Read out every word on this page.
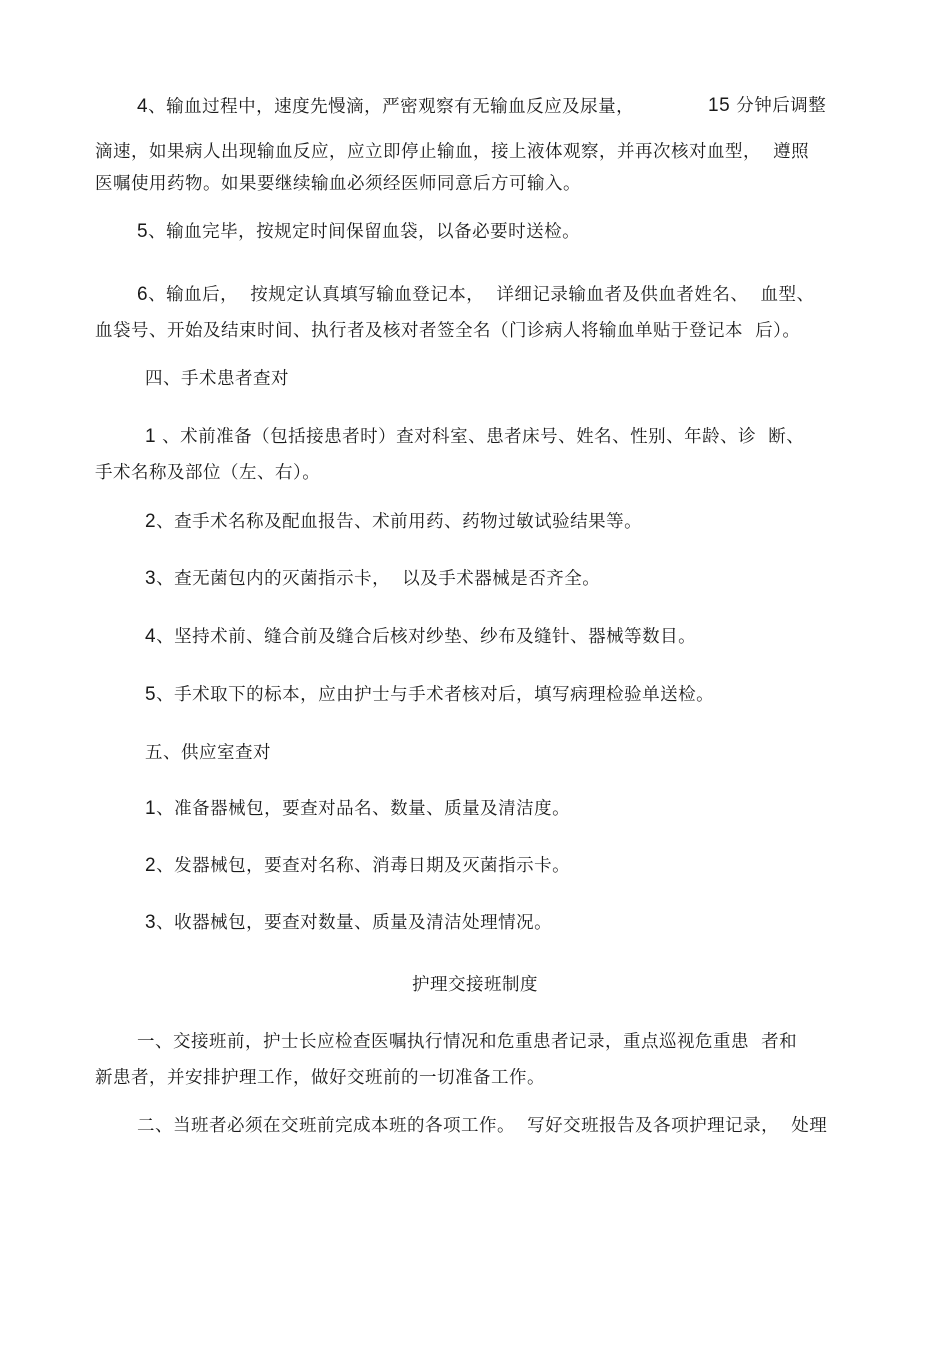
4、输血过程中，速度先慢滴，严密观察有无输血反应及尿量，	15 分钟后调整
滴速，如果病人出现输血反应，应立即停止输血，接上液体观察，并再次核对血型，  遵照
医嘱使用药物。如果要继续输血必须经医师同意后方可输入。
5、输血完毕，按规定时间保留血袋，以备必要时送检。
6、输血后，  按规定认真填写输血登记本，  详细记录输血者及供血者姓名、  血型、
血袋号、开始及结束时间、执行者及核对者签全名（门诊病人将输血单贴于登记本  后）。
四、手术患者查对
1 、术前准备（包括接患者时）查对科室、患者床号、姓名、性别、年龄、诊  断、
手术名称及部位（左、右）。
2、查手术名称及配血报告、术前用药、药物过敏试验结果等。
3、查无菌包内的灭菌指示卡，  以及手术器械是否齐全。
4、坚持术前、缝合前及缝合后核对纱垫、纱布及缝针、器械等数目。
5、手术取下的标本，应由护士与手术者核对后，填写病理检验单送检。
五、供应室查对
1、准备器械包，要查对品名、数量、质量及清洁度。
2、发器械包，要查对名称、消毒日期及灭菌指示卡。
3、收器械包，要查对数量、质量及清洁处理情况。
护理交接班制度
一、交接班前，护士长应检查医嘱执行情况和危重患者记录，重点巡视危重患  者和
新患者，并安排护理工作，做好交班前的一切准备工作。
二、当班者必须在交班前完成本班的各项工作。  写好交班报告及各项护理记录，  处理
